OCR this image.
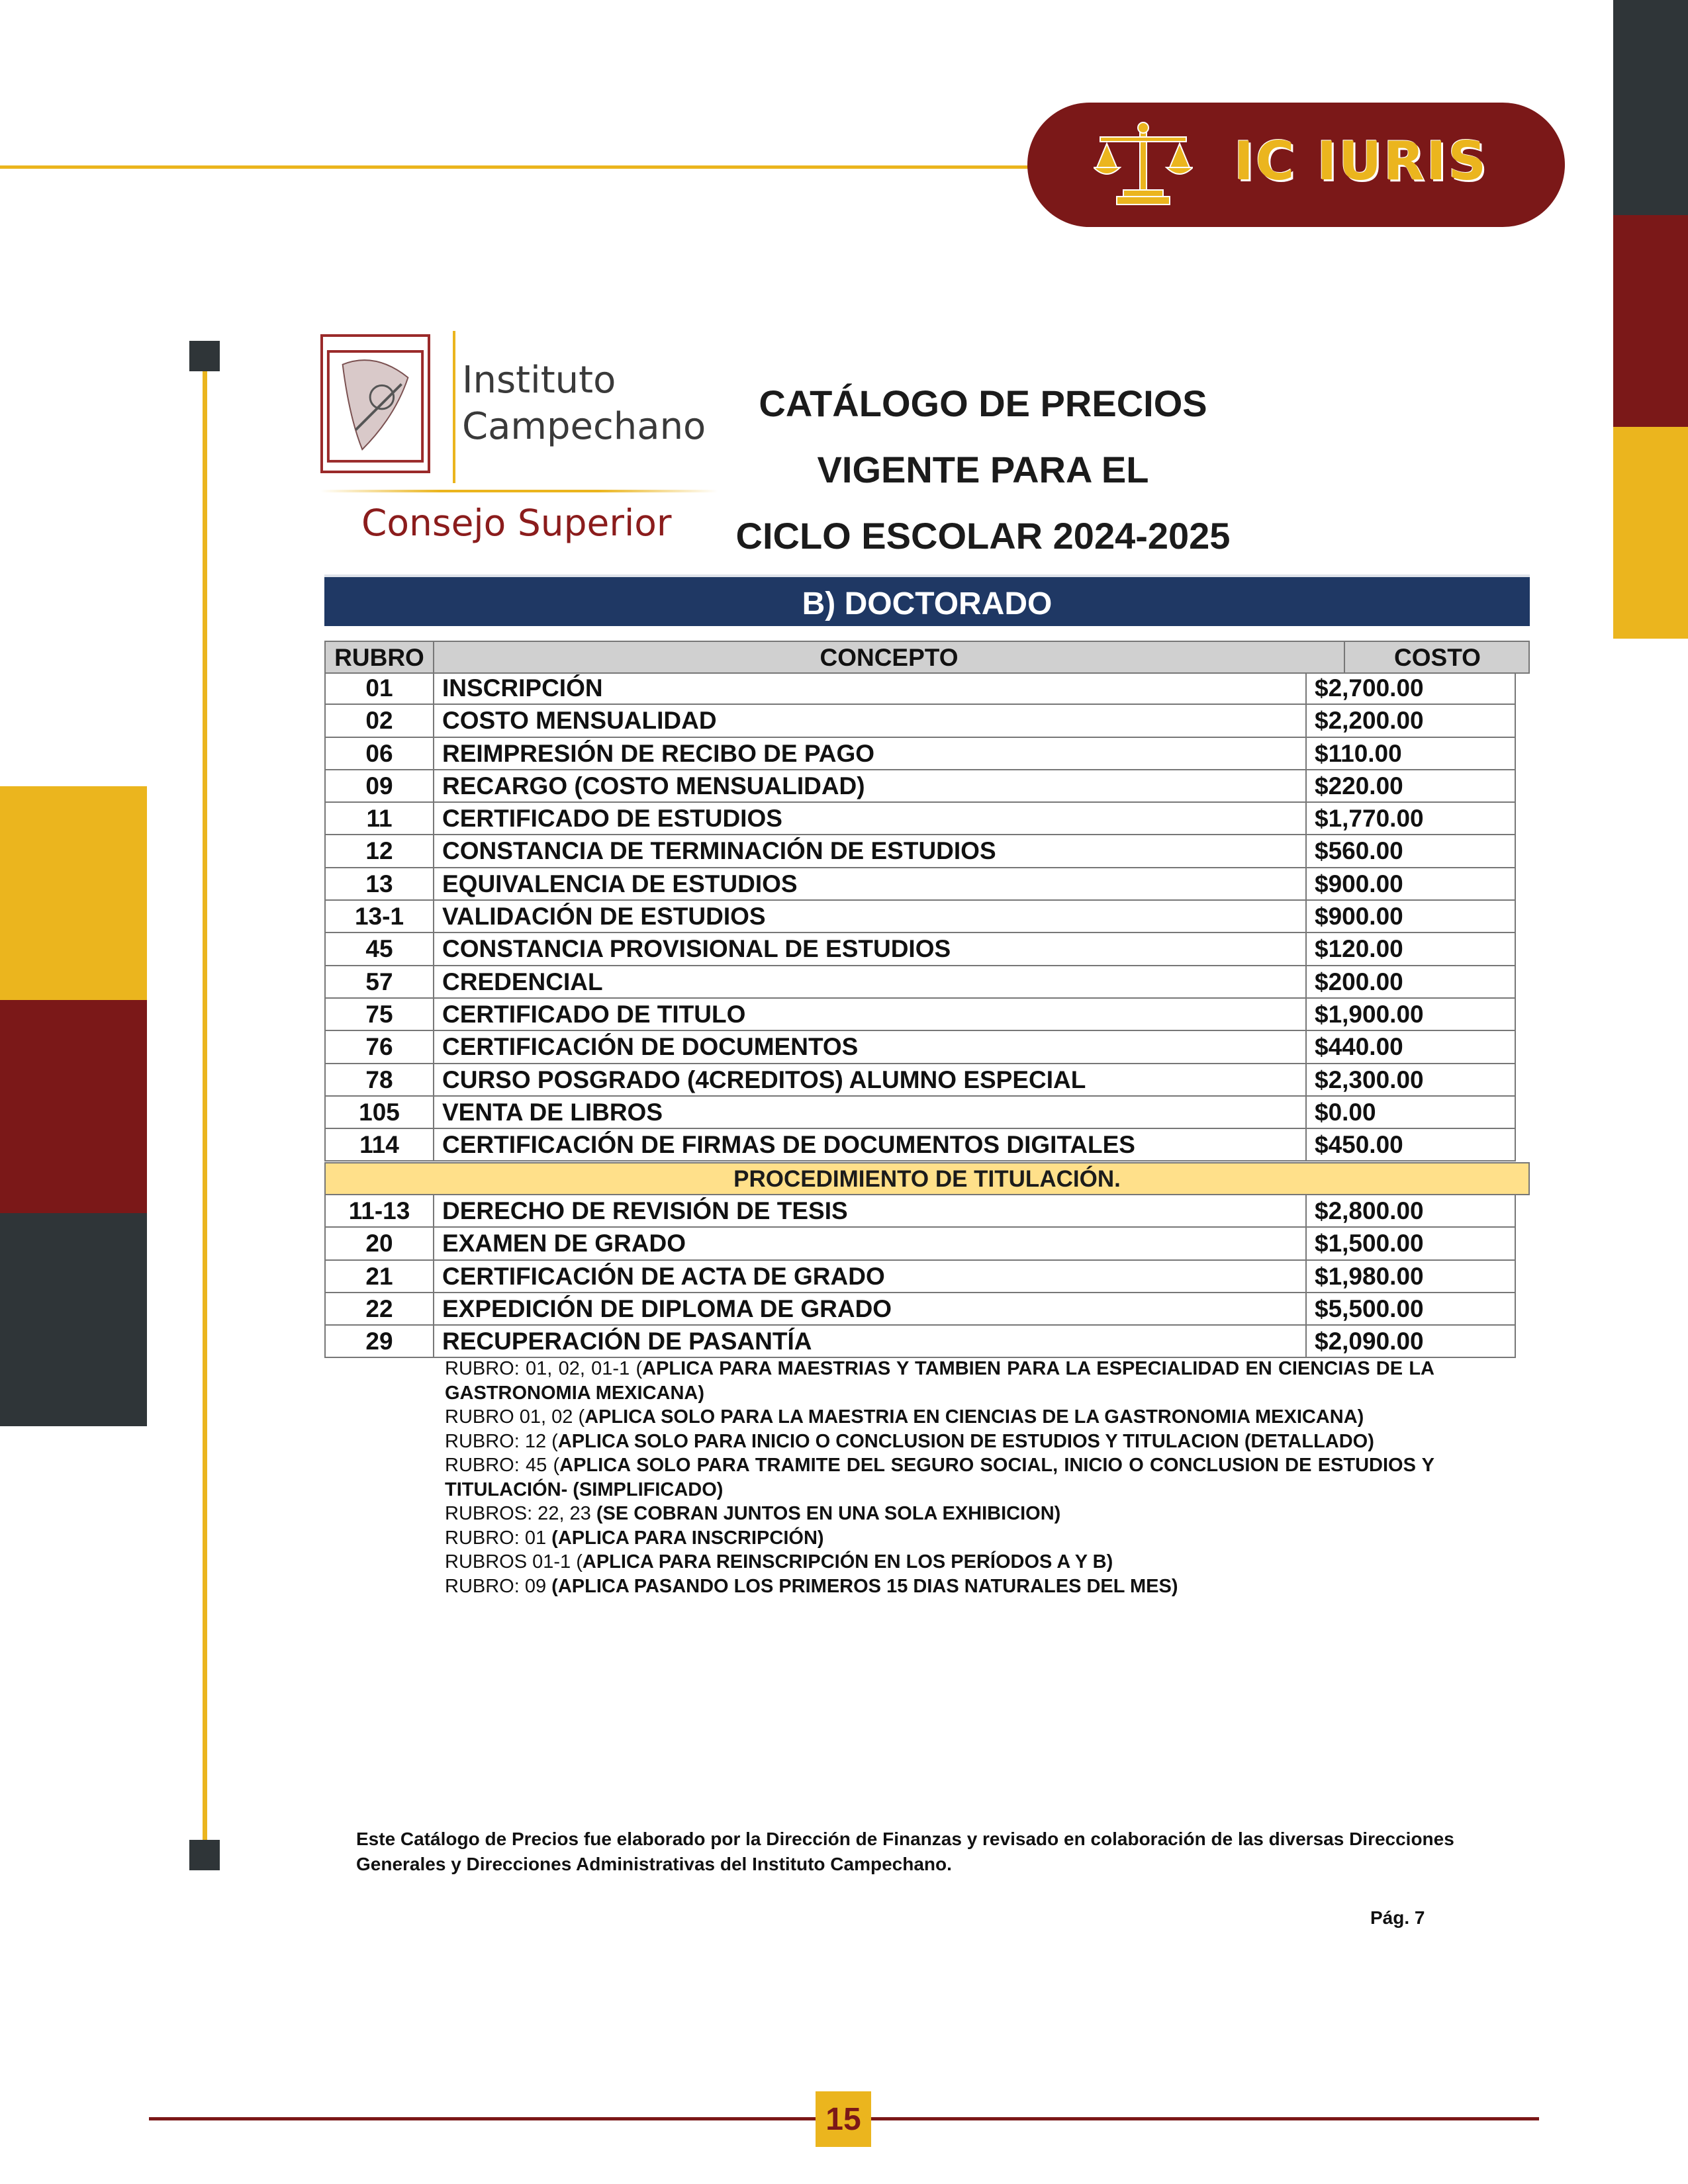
IC IURIS
Instituto
Campechano
Consejo Superior
CATÁLOGO DE PRECIOS
VIGENTE PARA EL
CICLO ESCOLAR 2024-2025
B) DOCTORADO
RUBRO	CONCEPTO	COSTO
01	INSCRIPCIÓN	$2,700.00
02	COSTO MENSUALIDAD	$2,200.00
06	REIMPRESIÓN DE RECIBO DE PAGO	$110.00
09	RECARGO (COSTO MENSUALIDAD)	$220.00
11	CERTIFICADO DE ESTUDIOS	$1,770.00
12	CONSTANCIA DE TERMINACIÓN DE ESTUDIOS	$560.00
13	EQUIVALENCIA DE ESTUDIOS	$900.00
13-1	VALIDACIÓN DE ESTUDIOS	$900.00
45	CONSTANCIA PROVISIONAL DE ESTUDIOS	$120.00
57	CREDENCIAL	$200.00
75	CERTIFICADO DE TITULO	$1,900.00
76	CERTIFICACIÓN DE DOCUMENTOS	$440.00
78	CURSO POSGRADO (4CREDITOS) ALUMNO ESPECIAL	$2,300.00
105	VENTA DE LIBROS	$0.00
114	CERTIFICACIÓN DE FIRMAS DE DOCUMENTOS DIGITALES	$450.00
PROCEDIMIENTO DE TITULACIÓN.
11-13	DERECHO DE REVISIÓN DE TESIS	$2,800.00
20	EXAMEN DE GRADO	$1,500.00
21	CERTIFICACIÓN DE ACTA DE GRADO	$1,980.00
22	EXPEDICIÓN DE DIPLOMA DE GRADO	$5,500.00
29	RECUPERACIÓN DE PASANTÍA	$2,090.00
RUBRO: 01, 02, 01-1 (APLICA PARA MAESTRIAS Y TAMBIEN PARA LA ESPECIALIDAD EN CIENCIAS DE LA GASTRONOMIA MEXICANA)
RUBRO 01, 02 (APLICA SOLO PARA LA MAESTRIA EN CIENCIAS DE LA GASTRONOMIA MEXICANA)
RUBRO: 12 (APLICA SOLO PARA INICIO O CONCLUSION DE ESTUDIOS Y TITULACION (DETALLADO)
RUBRO: 45 (APLICA SOLO PARA TRAMITE DEL SEGURO SOCIAL, INICIO O CONCLUSION DE ESTUDIOS Y TITULACIÓN- (SIMPLIFICADO)
RUBROS: 22, 23 (SE COBRAN JUNTOS EN UNA SOLA EXHIBICION)
RUBRO: 01 (APLICA PARA INSCRIPCIÓN)
RUBROS 01-1 (APLICA PARA REINSCRIPCIÓN EN LOS PERÍODOS A Y B)
RUBRO: 09 (APLICA PASANDO LOS PRIMEROS 15 DIAS NATURALES DEL MES)
Este Catálogo de Precios fue elaborado por la Dirección de Finanzas y revisado en colaboración de las diversas Direcciones Generales y Direcciones Administrativas del Instituto Campechano.
Pág. 7
15
